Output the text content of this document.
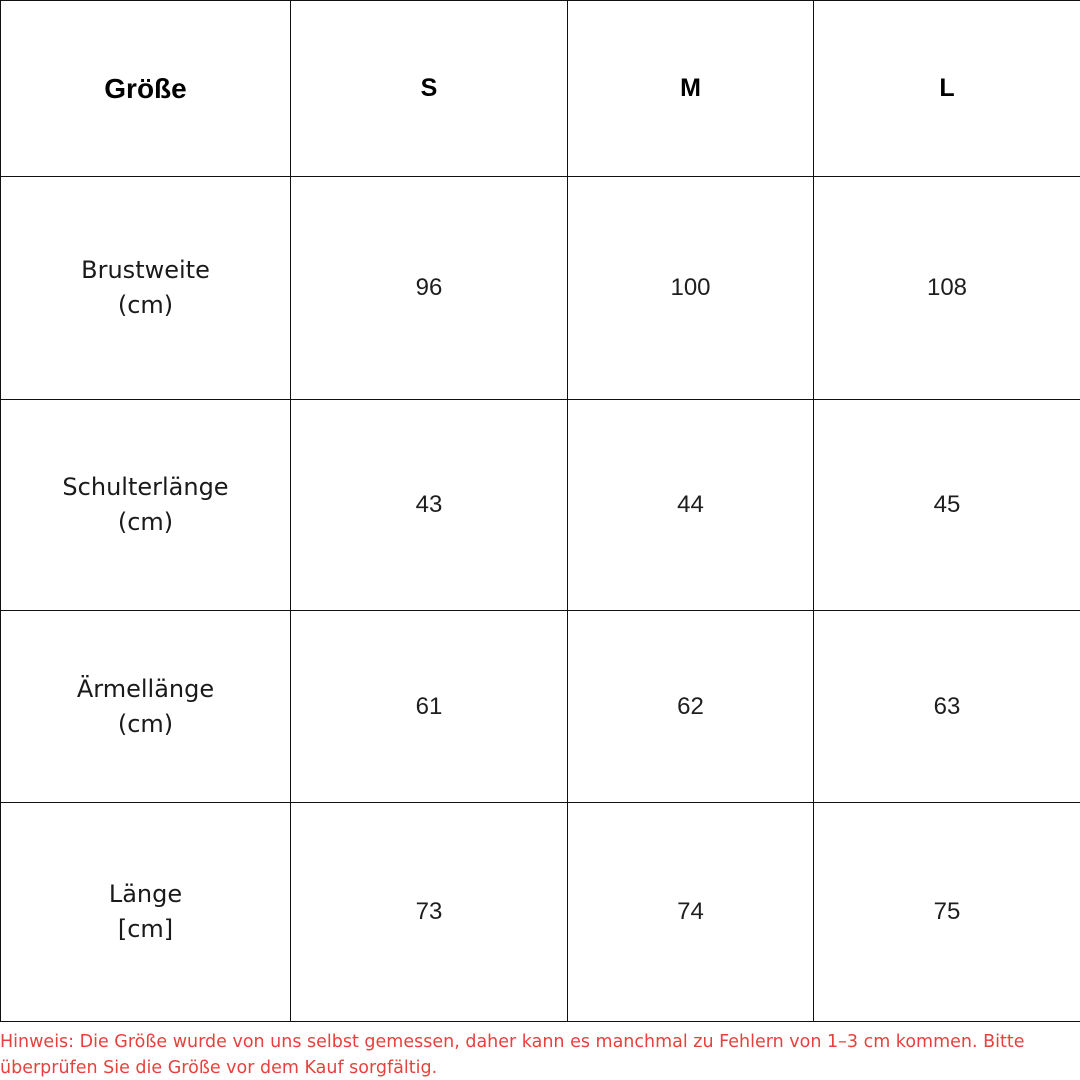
Größe	S	M	L

Brustweite
(cm)	96	100	108

Schulterlänge
(cm)	43	44	45

Ärmellänge
(cm)	61	62	63

Länge
[cm]	73	74	75
Hinweis: Die Größe wurde von uns selbst gemessen, daher kann es manchmal zu Fehlern von 1–3 cm kommen. Bitte überprüfen Sie die Größe vor dem Kauf sorgfältig.
